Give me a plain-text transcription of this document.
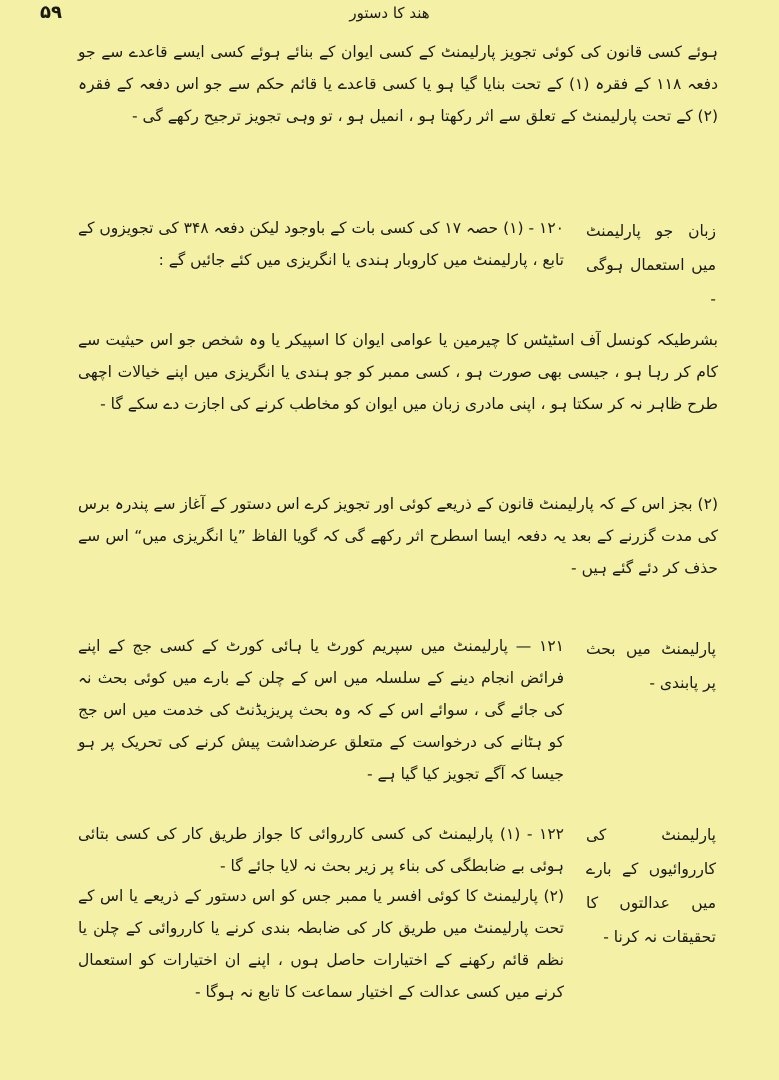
ھند کا دستور
۵۹

ہوئے کسی قانون کی کوئی تجویز پارلیمنٹ کے کسی ایوان کے بنائے ہوئے کسی ایسے قاعدے سے جو دفعہ ۱۱۸ کے فقرہ (۱) کے تحت بنایا گیا ہو یا کسی قاعدے یا قائم حکم سے جو اس دفعہ کے فقرہ (۲) کے تحت پارلیمنٹ کے تعلق سے اثر رکھتا ہو ، انمیل ہو ، تو وہی تجویز ترجیح رکھے گی -

۱۲۰ - (۱) حصہ ۱۷ کی کسی بات کے باوجود لیکن دفعہ ۳۴۸ کی تجویزوں کے تابع ، پارلیمنٹ میں کاروبار ہندی یا انگریزی میں کئے جائیں گے :

زبان جو پارلیمنٹ میں استعمال ہوگی -

بشرطیکہ کونسل آف اسٹیٹس کا چیرمین یا عوامی ایوان کا اسپیکر یا وہ شخص جو اس حیثیت سے کام کر رہا ہو ، جیسی بھی صورت ہو ، کسی ممبر کو جو ہندی یا انگریزی میں اپنے خیالات اچھی طرح ظاہر نہ کر سکتا ہو ، اپنی مادری زبان میں ایوان کو مخاطب کرنے کی اجازت دے سکے گا -

(۲) بجز اس کے کہ پارلیمنٹ قانون کے ذریعے کوئی اور تجویز کرے اس دستور کے آغاز سے پندرہ برس کی مدت گزرنے کے بعد یہ دفعہ ایسا اسطرح اثر رکھے گی کہ گویا الفاظ ”یا انگریزی میں“ اس سے حذف کر دئے گئے ہیں -

۱۲۱ — پارلیمنٹ میں سپریم کورٹ یا ہائی کورٹ کے کسی جج کے اپنے فرائض انجام دینے کے سلسلہ میں اس کے چلن کے بارے میں کوئی بحث نہ کی جائے گی ، سوائے اس کے کہ وہ بحث پریزیڈنٹ کی خدمت میں اس جج کو ہٹانے کی درخواست کے متعلق عرضداشت پیش کرنے کی تحریک پر ہو جیسا کہ آگے تجویز کیا گیا ہے -

پارلیمنٹ میں بحث پر پابندی -

۱۲۲ - (۱) پارلیمنٹ کی کسی کارروائی کا جواز طریق کار کی کسی بتائی ہوئی بے ضابطگی کی بناء پر زیر بحث نہ لایا جائے گا -

پارلیمنٹ کی کارروائیوں کے بارے میں عدالتوں کا تحقیقات نہ کرنا -

(۲) پارلیمنٹ کا کوئی افسر یا ممبر جس کو اس دستور کے ذریعے یا اس کے تحت پارلیمنٹ میں طریق کار کی ضابطہ بندی کرنے یا کارروائی کے چلن یا نظم قائم رکھنے کے اختیارات حاصل ہوں ، اپنے ان اختیارات کو استعمال کرنے میں کسی عدالت کے اختیار سماعت کا تابع نہ ہوگا -
